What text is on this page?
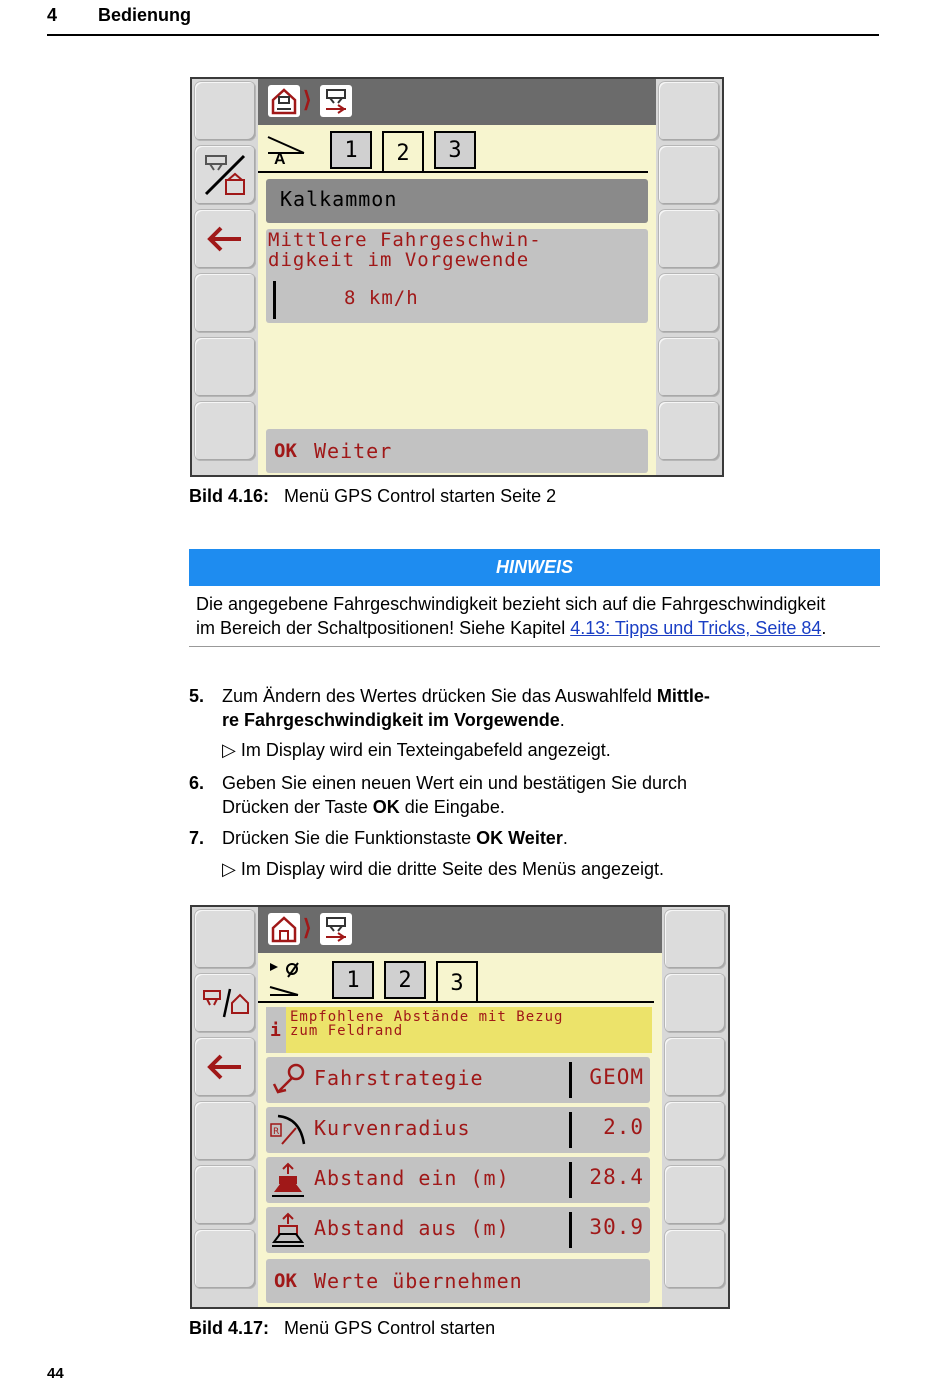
4 Bedienung
⟩
A	1	2	3
Kalkammon
Mittlere Fahrgeschwin-
digkeit im Vorgewende
8 km/h
OK Weiter
Bild 4.16: Menü GPS Control starten Seite 2
HINWEIS
Die angegebene Fahrgeschwindigkeit bezieht sich auf die Fahrgeschwindigkeit
im Bereich der Schaltpositionen! Siehe Kapitel 4.13: Tipps und Tricks, Seite 84.
5. Zum Ändern des Wertes drücken Sie das Auswahlfeld Mittle-
re Fahrgeschwindigkeit im Vorgewende.
▷ Im Display wird ein Texteingabefeld angezeigt.
6. Geben Sie einen neuen Wert ein und bestätigen Sie durch
Drücken der Taste OK die Eingabe.
7. Drücken Sie die Funktionstaste OK Weiter.
▷ Im Display wird die dritte Seite des Menüs angezeigt.
⟩
1	2	3
i
Empfohlene Abstände mit Bezug
zum Feldrand
Fahrstrategie	GEOM
R Kurvenradius	2.0
Abstand ein (m)	28.4
Abstand aus (m)	30.9
OK Werte übernehmen
Bild 4.17: Menü GPS Control starten
44
